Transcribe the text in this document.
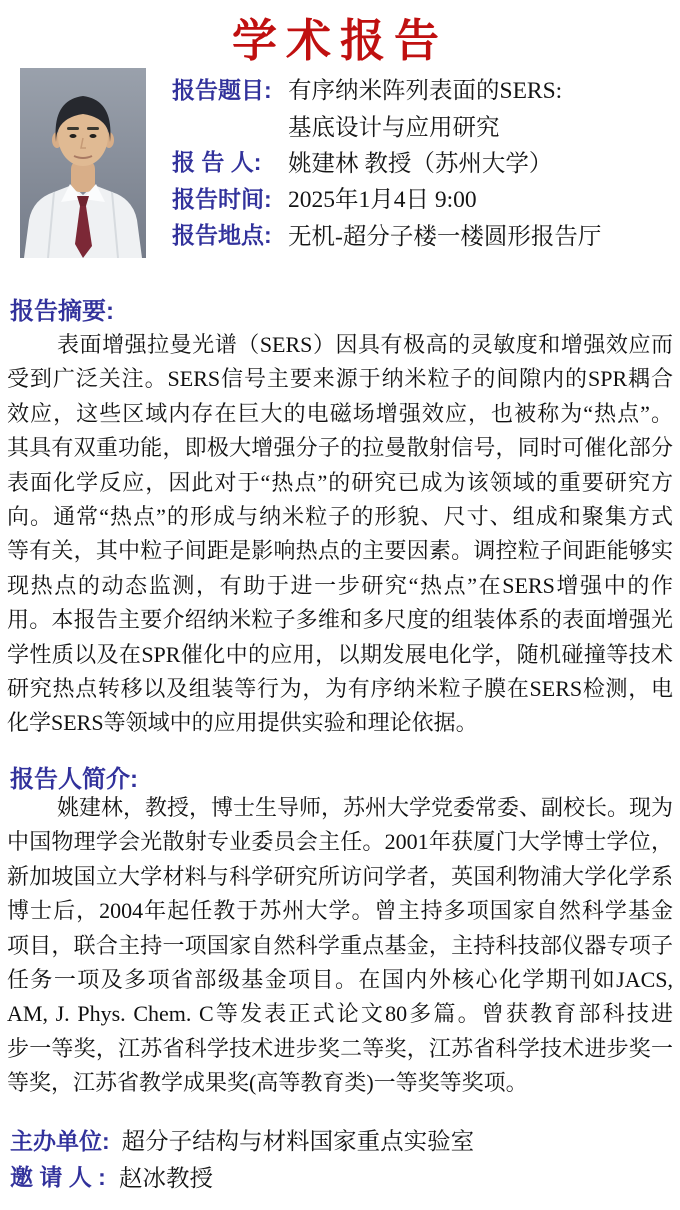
学术报告
报告题目: 有序纳米阵列表面的SERS:
基底设计与应用研究
报 告 人:	姚建林 教授（苏州大学）
报告时间: 2025年1月4日 9:00
报告地点: 无机-超分子楼一楼圆形报告厅
报告摘要:
表面增强拉曼光谱（SERS）因具有极高的灵敏度和增强效应而
受到广泛关注。SERS信号主要来源于纳米粒子的间隙内的SPR耦合
效应，这些区域内存在巨大的电磁场增强效应，也被称为“热点”。
其具有双重功能，即极大增强分子的拉曼散射信号，同时可催化部分
表面化学反应，因此对于“热点”的研究已成为该领域的重要研究方
向。通常“热点”的形成与纳米粒子的形貌、尺寸、组成和聚集方式
等有关，其中粒子间距是影响热点的主要因素。调控粒子间距能够实
现热点的动态监测，有助于进一步研究“热点”在SERS增强中的作
用。本报告主要介绍纳米粒子多维和多尺度的组装体系的表面增强光
学性质以及在SPR催化中的应用，以期发展电化学，随机碰撞等技术
研究热点转移以及组装等行为，为有序纳米粒子膜在SERS检测，电
化学SERS等领域中的应用提供实验和理论依据。
报告人简介:
姚建林，教授，博士生导师，苏州大学党委常委、副校长。现为
中国物理学会光散射专业委员会主任。2001年获厦门大学博士学位，
新加坡国立大学材料与科学研究所访问学者，英国利物浦大学化学系
博士后，2004年起任教于苏州大学。曾主持多项国家自然科学基金
项目，联合主持一项国家自然科学重点基金，主持科技部仪器专项子
任务一项及多项省部级基金项目。在国内外核心化学期刊如JACS,
AM, J. Phys. Chem. C等发表正式论文80多篇。曾获教育部科技进
步一等奖，江苏省科学技术进步奖二等奖，江苏省科学技术进步奖一
等奖，江苏省教学成果奖(高等教育类)一等奖等奖项。
主办单位: 超分子结构与材料国家重点实验室
邀 请 人 : 赵冰教授
